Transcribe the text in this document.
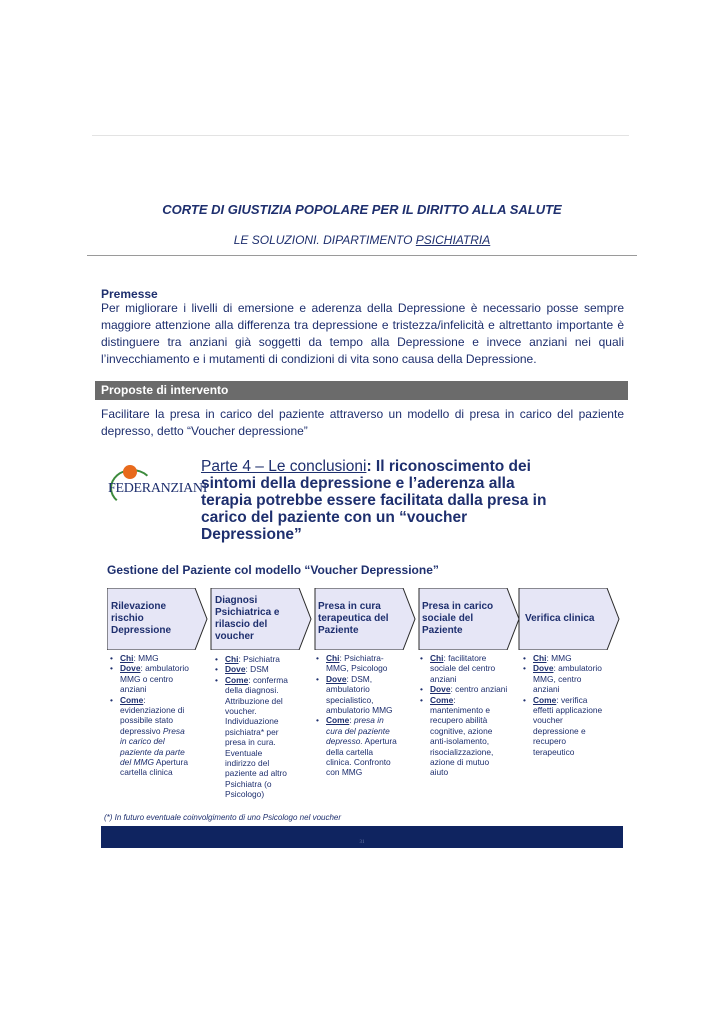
CORTE DI GIUSTIZIA POPOLARE PER IL DIRITTO ALLA SALUTE
LE SOLUZIONI. DIPARTIMENTO PSICHIATRIA
Premesse
Per migliorare i livelli di emersione e aderenza della Depressione è necessario posse sempre maggiore attenzione alla differenza tra depressione e tristezza/infelicità e altrettanto importante è distinguere tra anziani già soggetti da tempo alla Depressione e invece anziani nei quali l’invecchiamento e i mutamenti di condizioni di vita sono causa della Depressione.
Proposte di intervento
Facilitare la presa in carico del paziente attraverso un modello di presa in carico del paziente depresso, detto “Voucher depressione”
FEDERANZIANI
Parte 4 – Le conclusioni: Il riconoscimento dei sintomi della depressione e l’aderenza alla terapia potrebbe essere facilitata dalla presa in carico del paziente con un “voucher Depressione”
Gestione del Paziente col modello “Voucher Depressione”
Rilevazione rischio Depressione
Diagnosi Psichiatrica e rilascio del voucher
Presa in cura terapeutica del Paziente
Presa in carico sociale del Paziente
Verifica clinica
• Chi: MMG
• Dove: ambulatorio MMG o centro anziani
• Come: evidenziazione di possibile stato depressivo Presa in carico del paziente da parte del MMG Apertura cartella clinica
• Chi: Psichiatra
• Dove: DSM
• Come: conferma della diagnosi. Attribuzione del voucher. Individuazione psichiatra* per presa in cura. Eventuale indirizzo del paziente ad altro Psichiatra (o Psicologo)
• Chi: Psichiatra- MMG, Psicologo
• Dove: DSM, ambulatorio specialistico, ambulatorio MMG
• Come: presa in cura del paziente depresso. Apertura della cartella clinica. Confronto con MMG
• Chi: facilitatore sociale del centro anziani
• Dove: centro anziani
• Come: mantenimento e recupero abilità cognitive, azione anti-isolamento, risocializzazione, azione di mutuo aiuto
• Chi: MMG
• Dove: ambulatorio MMG, centro anziani
• Come: verifica effetti applicazione voucher depressione e recupero terapeutico
(*) In futuro eventuale coinvolgimento di uno Psicologo nel voucher
31
